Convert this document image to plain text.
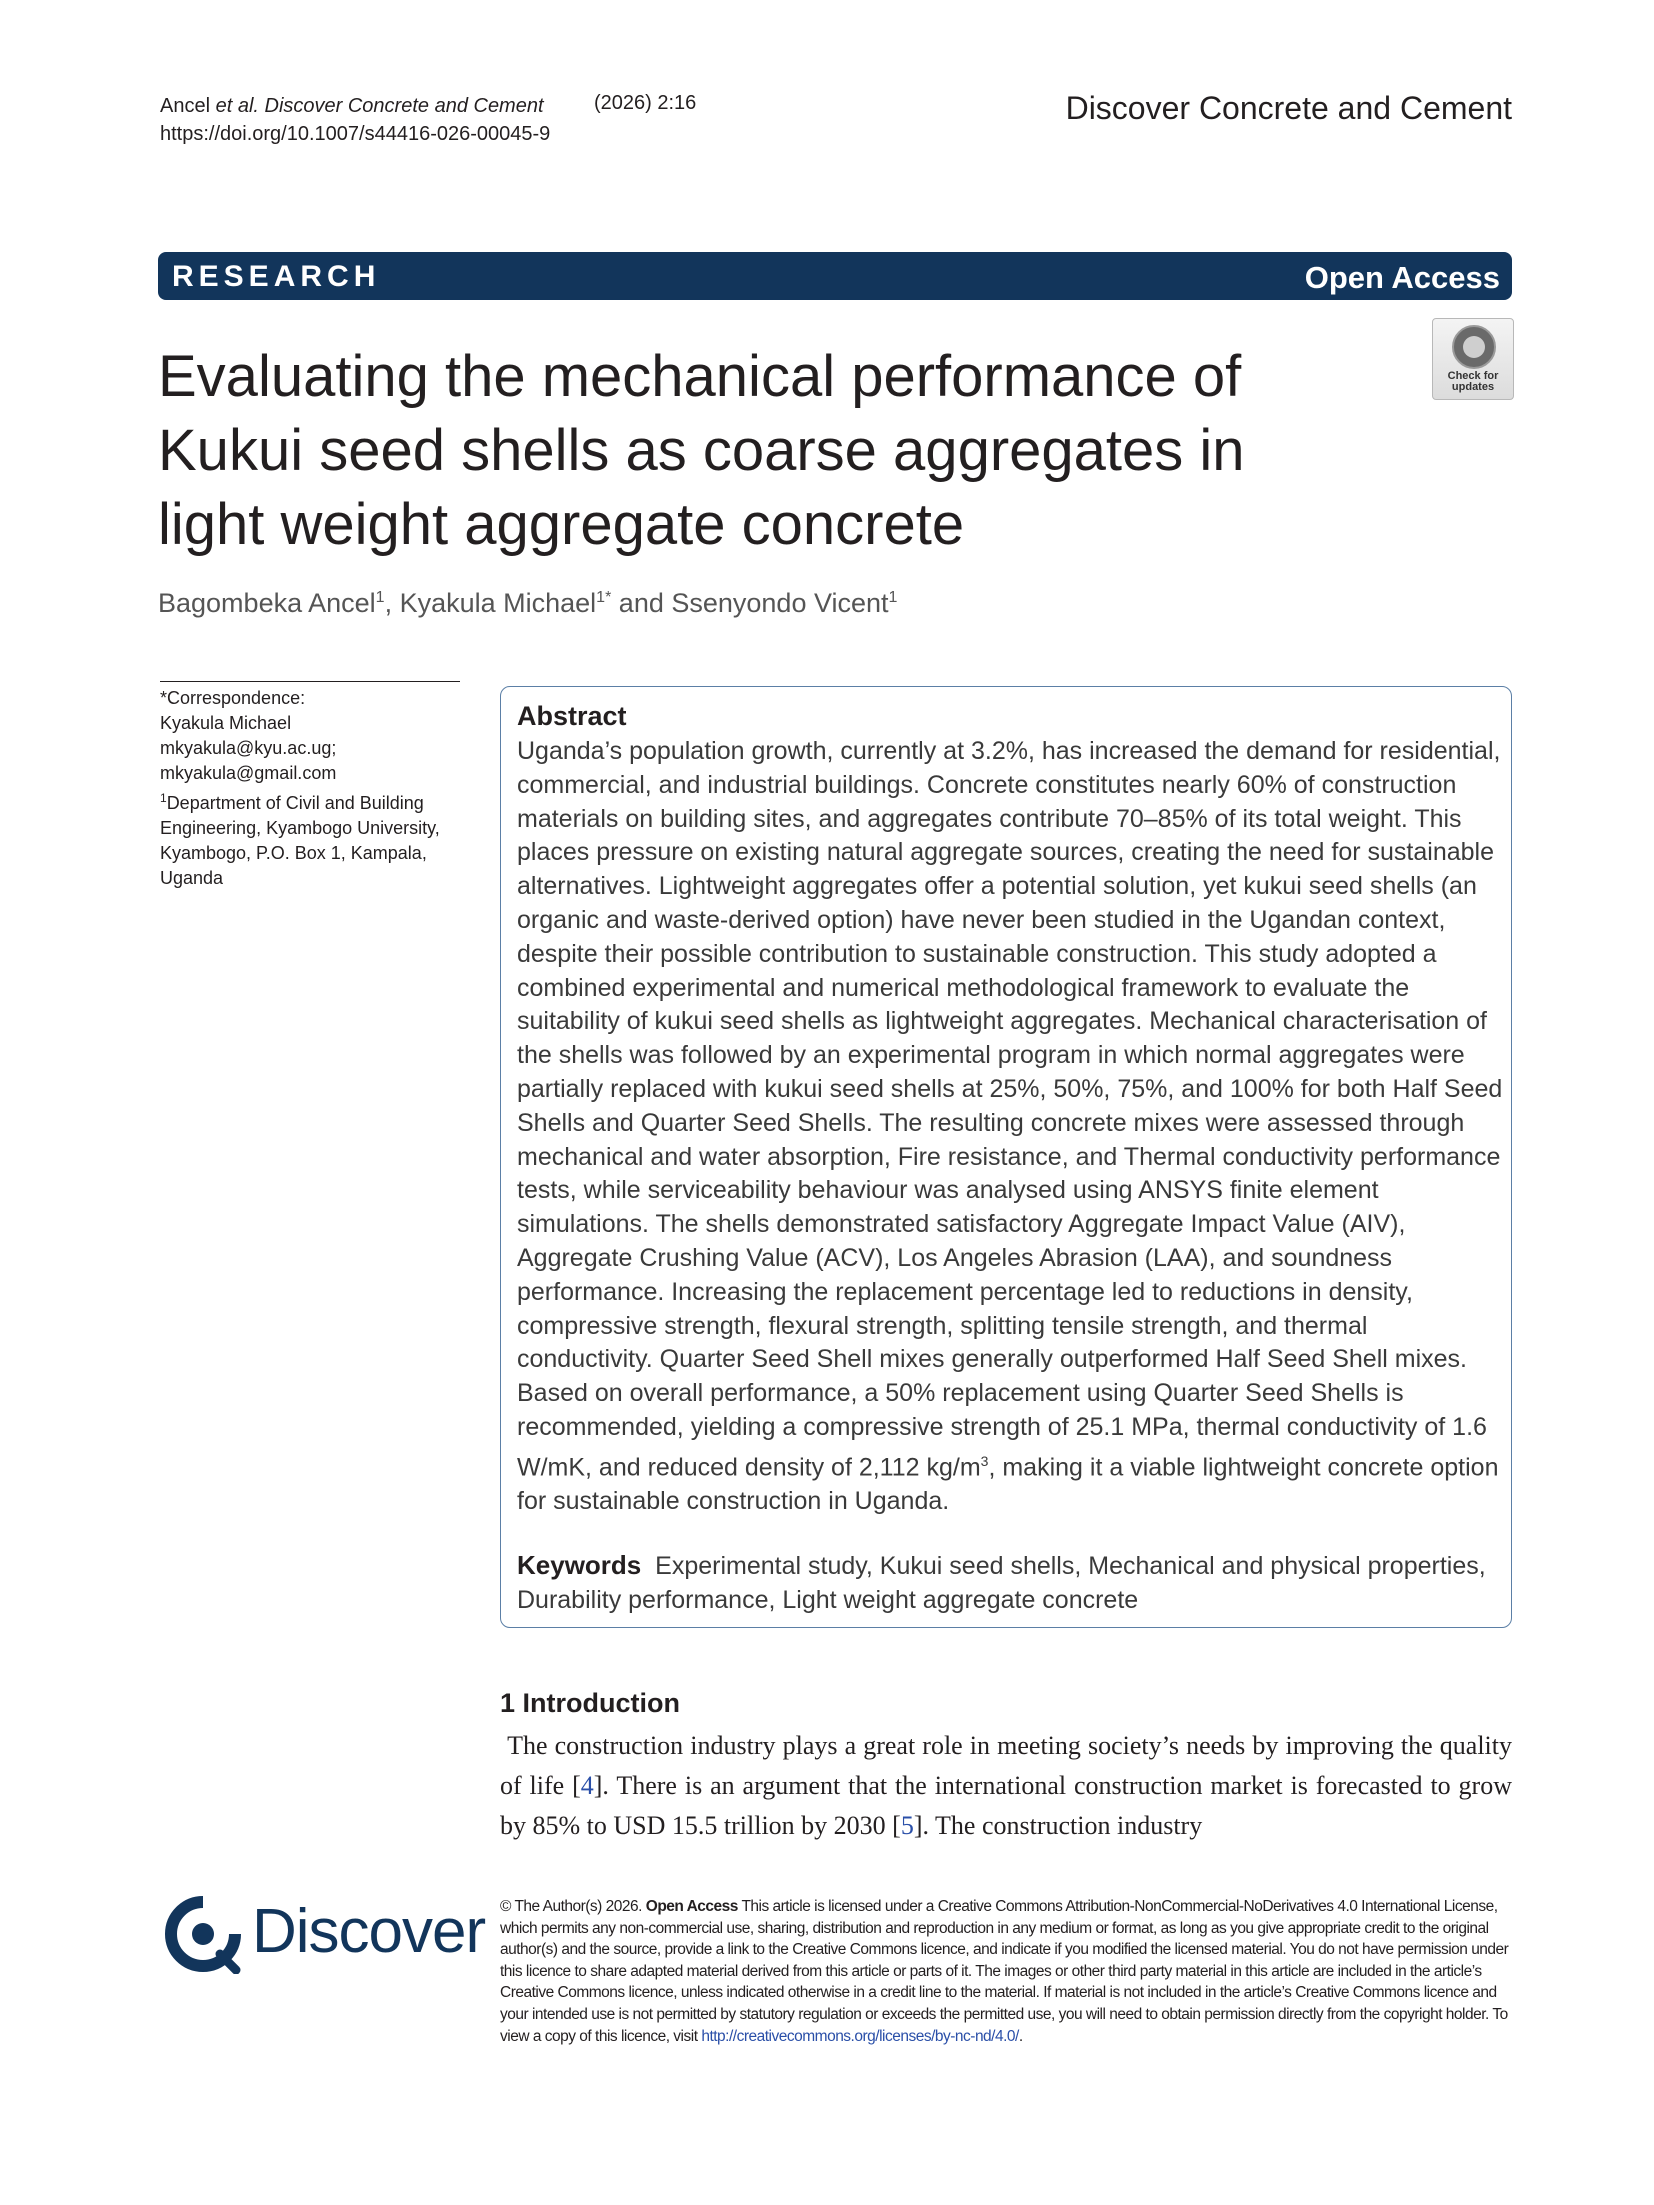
Ancel et al. Discover Concrete and Cement
https://doi.org/10.1007/s44416-026-00045-9
(2026) 2:16	Discover Concrete and Cement
RESEARCH	Open Access
Evaluating the mechanical performance of Kukui seed shells as coarse aggregates in light weight aggregate concrete
Check for
updates
Bagombeka Ancel$^1$, Kyakula Michael$^{1*}$ and Ssenyondo Vicent$^1$
*Correspondence:
Kyakula Michael
mkyakula@kyu.ac.ug; mkyakula@gmail.com
$^1$Department of Civil and Building Engineering, Kyambogo University, Kyambogo, P.O. Box 1, Kampala, Uganda
Abstract
Uganda’s population growth, currently at 3.2%, has increased the demand for residential, commercial, and industrial buildings. Concrete constitutes nearly 60% of construction materials on building sites, and aggregates contribute 70–85% of its total weight. This places pressure on existing natural aggregate sources, creating the need for sustainable alternatives. Lightweight aggregates offer a potential solution, yet kukui seed shells (an organic and waste-derived option) have never been studied in the Ugandan context, despite their possible contribution to sustainable construction. This study adopted a combined experimental and numerical methodological framework to evaluate the suitability of kukui seed shells as lightweight aggregates. Mechanical characterisation of the shells was followed by an experimental program in which normal aggregates were partially replaced with kukui seed shells at 25%, 50%, 75%, and 100% for both Half Seed Shells and Quarter Seed Shells. The resulting concrete mixes were assessed through mechanical and water absorption, Fire resistance, and Thermal conductivity performance tests, while serviceability behaviour was analysed using ANSYS finite element simulations. The shells demonstrated satisfactory Aggregate Impact Value (AIV), Aggregate Crushing Value (ACV), Los Angeles Abrasion (LAA), and soundness performance. Increasing the replacement percentage led to reductions in density, compressive strength, flexural strength, splitting tensile strength, and thermal conductivity. Quarter Seed Shell mixes generally outperformed Half Seed Shell mixes. Based on overall performance, a 50% replacement using Quarter Seed Shells is recommended, yielding a compressive strength of 25.1 MPa, thermal conductivity of 1.6 W/mK, and reduced density of 2,112 $kg/m^3$, making it a viable lightweight concrete option for sustainable construction in Uganda.
Keywords Experimental study, Kukui seed shells, Mechanical and physical properties, Durability performance, Light weight aggregate concrete
1 Introduction
The construction industry plays a great role in meeting society’s needs by improving the quality of life [4]. There is an argument that the international construction market is forecasted to grow by 85% to USD 15.5 trillion by 2030 [5]. The construction industry
Discover © The Author(s) 2026. Open Access This article is licensed under a Creative Commons Attribution-NonCommercial-NoDerivatives 4.0 International License, which permits any non-commercial use, sharing, distribution and reproduction in any medium or format, as long as you give appropriate credit to the original author(s) and the source, provide a link to the Creative Commons licence, and indicate if you modified the licensed material. You do not have permission under this licence to share adapted material derived from this article or parts of it. The images or other third party material in this article are included in the article’s Creative Commons licence, unless indicated otherwise in a credit line to the material. If material is not included in the article’s Creative Commons licence and your intended use is not permitted by statutory regulation or exceeds the permitted use, you will need to obtain permission directly from the copyright holder. To view a copy of this licence, visit http://creativecommons.org/licenses/by-nc-nd/4.0/.
